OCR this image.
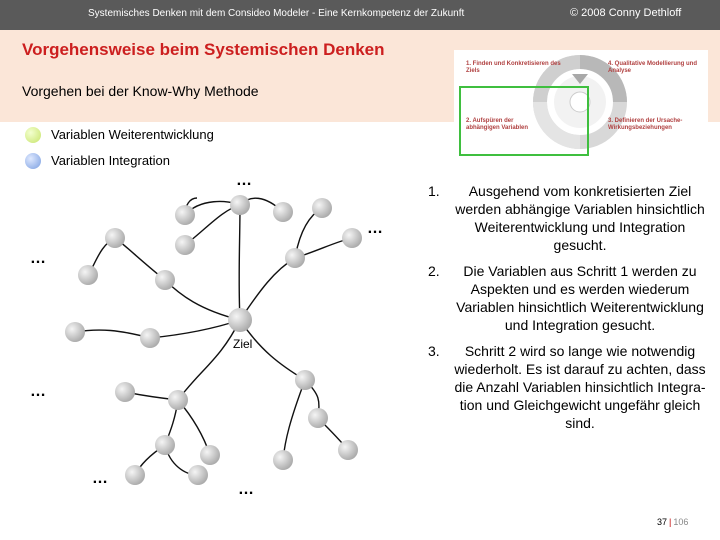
Systemisches Denken mit dem Consideo Modeler - Eine Kernkompetenz der Zukunft	© 2008 Conny Dethloff
Vorgehensweise beim Systemischen Denken
Vorgehen bei der Know-Why Methode
1. Finden und Konkretisieren des Ziels
2. Aufspüren der abhängigen Variablen
3. Definieren der Ursache-Wirkungsbeziehungen
4. Qualitative Modellierung und Analyse
Variablen Weiterentwicklung
Variablen Integration
Ziel
…
…
…
…
…
…
1. Ausgehend vom konkretisierten Ziel werden abhängige Variablen hinsichtlich Weiterentwicklung und Integration gesucht.
2. Die Variablen aus Schritt 1 werden zu Aspekten und es werden wiederum Variablen hinsichtlich Weiterentwicklung und Integration gesucht.
3. Schritt 2 wird so lange wie notwendig wiederholt. Es ist darauf zu achten, dass die Anzahl Variablen hinsichtlich Integra-tion und Gleichgewicht ungefähr gleich sind.
37 | 106
